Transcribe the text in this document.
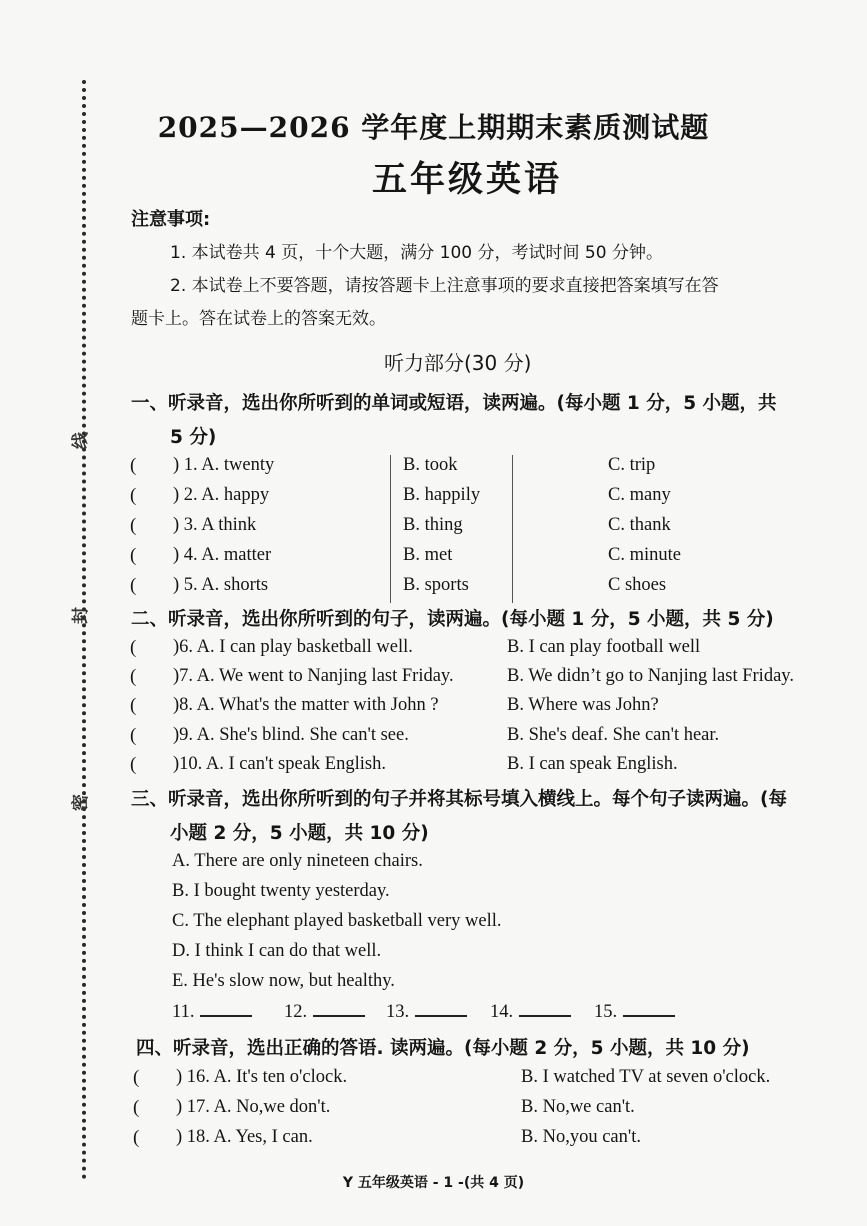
线
封
密
2025—2026 学年度上期期末素质测试题
五年级英语
注意事项:
1. 本试卷共 4 页，十个大题，满分 100 分，考试时间 50 分钟。
2. 本试卷上不要答题，请按答题卡上注意事项的要求直接把答案填写在答
题卡上。答在试卷上的答案无效。
听力部分(30 分)
一、听录音，选出你所听到的单词或短语，读两遍。(每小题 1 分，5 小题，共
5 分)
( ) 1. A. twenty	B. took	C. trip
( ) 2. A. happy	B. happily	C. many
( ) 3. A think	B. thing	C. thank
( ) 4. A. matter	B. met	C. minute
( ) 5. A. shorts	B. sports	C shoes
二、听录音，选出你所听到的句子，读两遍。(每小题 1 分，5 小题，共 5 分)
( )6. A. I can play basketball well.	B. I can play football well
( )7. A. We went to Nanjing last Friday.	B. We didn’t go to Nanjing last Friday.
( )8. A. What's the matter with John ?	B. Where was John?
( )9. A. She's blind. She can't see.	B. She's deaf. She can't hear.
( )10. A. I can't speak English.	B. I can speak English.
三、听录音，选出你所听到的句子并将其标号填入横线上。每个句子读两遍。(每
小题 2 分，5 小题，共 10 分)
A. There are only nineteen chairs.
B. I bought twenty yesterday.
C. The elephant played basketball very well.
D. I think I can do that well.
E. He's slow now, but healthy.
11.	12.	13.	14.	15.
四、听录音，选出正确的答语. 读两遍。(每小题 2 分，5 小题，共 10 分)
( ) 16. A. It's ten o'clock.	B. I watched TV at seven o'clock.
( ) 17. A. No,we don't.	B. No,we can't.
( ) 18. A. Yes, I can.	B. No,you can't.
Y 五年级英语 - 1 -(共 4 页)
